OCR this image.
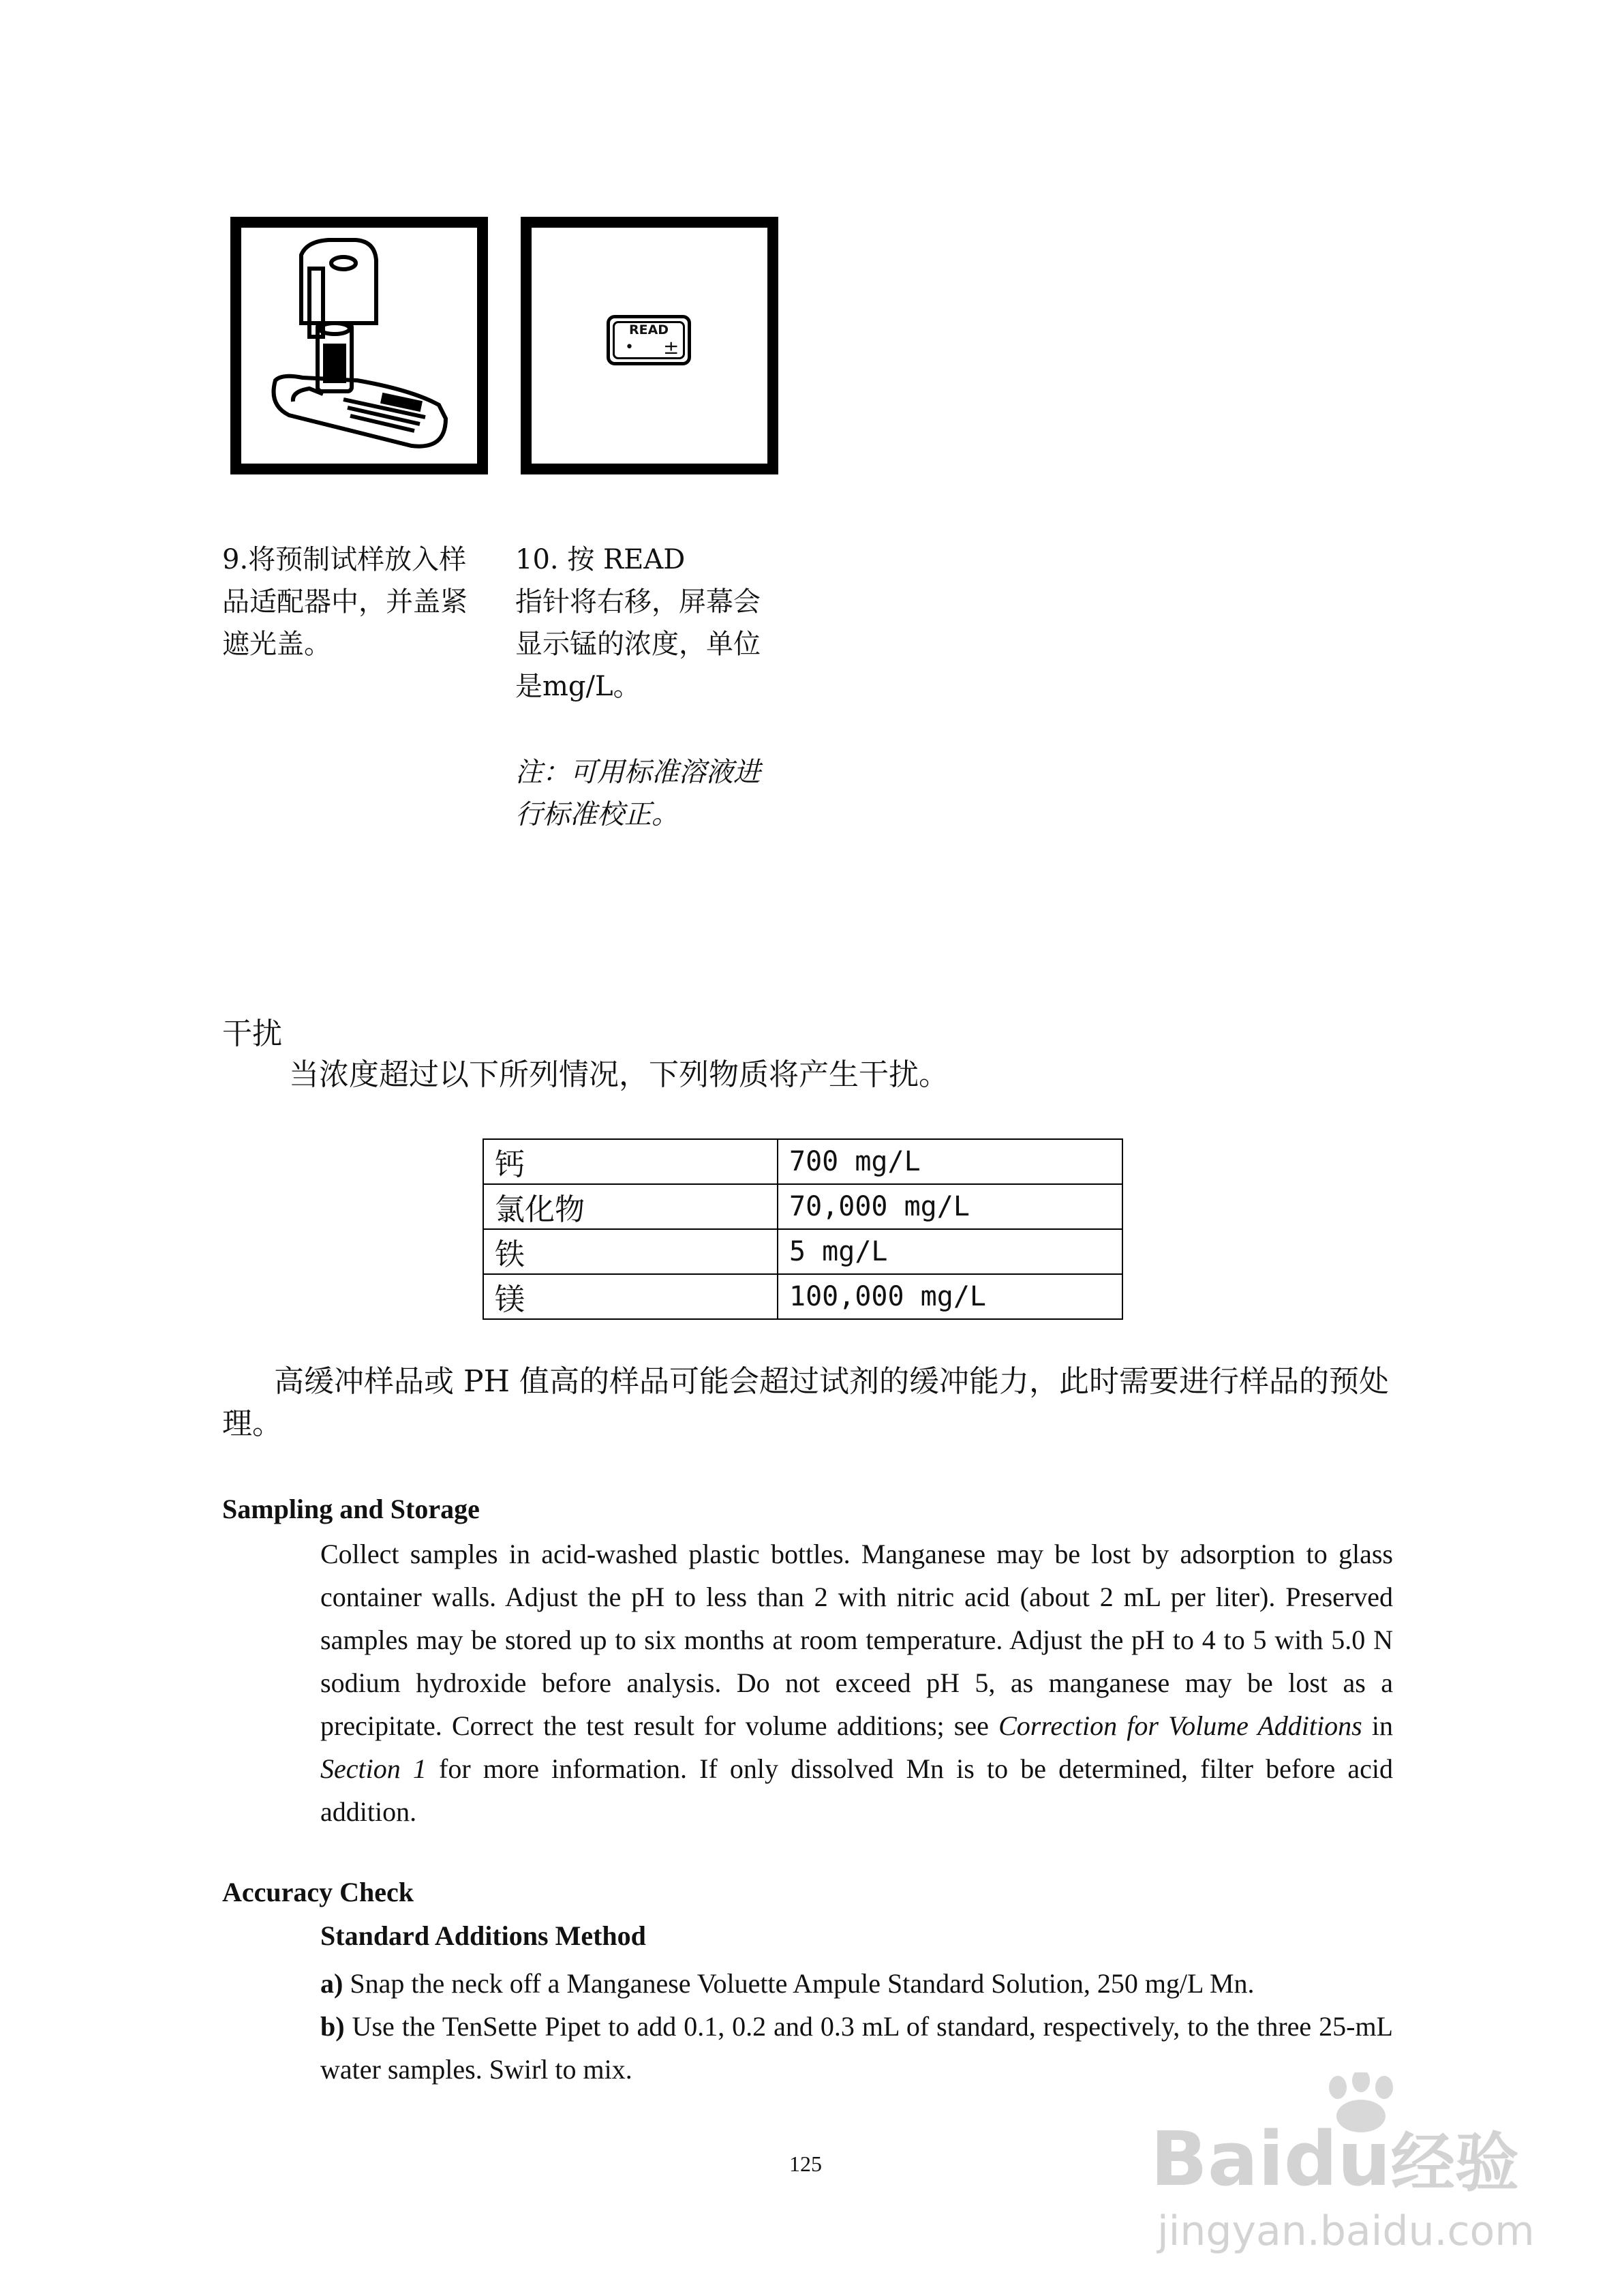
READ
• ±
9.将预制试样放入样
品适配器中，并盖紧
遮光盖。
10. 按 READ
指针将右移，屏幕会
显示锰的浓度，单位
是mg/L。
注：可用标准溶液进
行标准校正。
干扰
当浓度超过以下所列情况，下列物质将产生干扰。
钙	700 mg/L
氯化物	70,000 mg/L
铁	5 mg/L
镁	100,000 mg/L
高缓冲样品或 PH 值高的样品可能会超过试剂的缓冲能力，此时需要进行样品的预处理。
Sampling and Storage
Collect samples in acid-washed plastic bottles. Manganese may be lost by adsorption to glass container walls. Adjust the pH to less than 2 with nitric acid (about 2 mL per liter). Preserved samples may be stored up to six months at room temperature. Adjust the pH to 4 to 5 with 5.0 N sodium hydroxide before analysis. Do not exceed pH 5, as manganese may be lost as a precipitate. Correct the test result for volume additions; see Correction for Volume Additions in Section 1 for more information. If only dissolved Mn is to be determined, filter before acid addition.
Accuracy Check
Standard Additions Method
a) Snap the neck off a Manganese Voluette Ampule Standard Solution, 250 mg/L Mn.
b) Use the TenSette Pipet to add 0.1, 0.2 and 0.3 mL of standard, respectively, to the three 25-mL water samples. Swirl to mix.
125	Baidu经验
jingyan.baidu.com
